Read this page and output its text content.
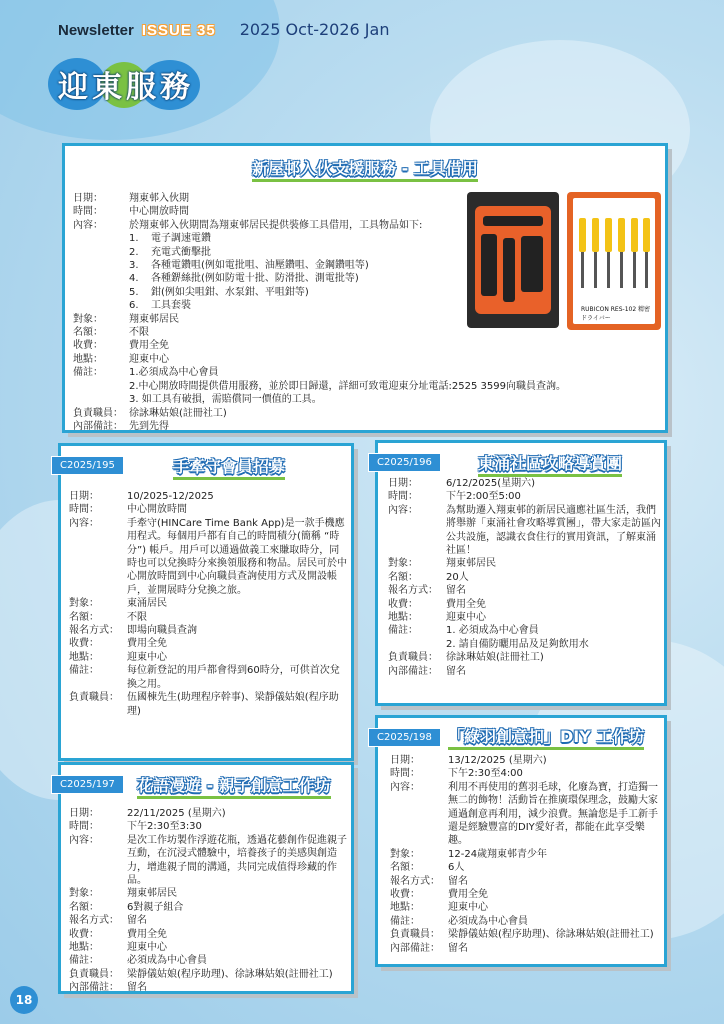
Newsletter ISSUE 35 2025 Oct-2026 Jan
迎東服務
新屋邨入伙支援服務 - 工具借用
日期：	翔東邨入伙期
時間：	中心開放時間
內容：	於翔東邨入伙期間為翔東邨居民提供裝修工具借用，工具物品如下:
1.	電子調速電鑽
2.	充電式衝擊批
3.	各種電鑽咀(例如電批咀、油壓鑽咀、金鋼鑽咀等)
4.	各種鎅絲批(例如防電十批、防滑批、測電批等)
5.	鉗(例如尖咀鉗、水泵鉗、平咀鉗等)
6.	工具套裝
對象：	翔東邨居民
名額：	不限
收費：	費用全免
地點：	迎東中心
備註：	1.必須成為中心會員
2.中心開放時間提供借用服務，並於即日歸還，詳細可致電迎東分址電話:2525 3599向職員查詢。
3. 如工具有破損，需賠償同一價值的工具。
負責職員： 徐詠琳姑娘(註冊社工)
內部備註： 先到先得
RUBICON RES-102 精密ドライバー
C2025/195	手牽守會員招募
日期：	10/2025-12/2025
時間：	中心開放時間
內容：	手牽守(HINCare Time Bank App)是一款手機應用程式。每個用戶都有自己的時間積分(簡稱 “時分”) 帳戶。用戶可以通過做義工來賺取時分，同時也可以兌換時分來換領服務和物品。居民可於中心開放時間到中心向職員查詢使用方式及開設帳戶，並開展時分兌換之旅。
對象：	東涌居民
名額：	不限
報名方式： 即場向職員查詢
收費：	費用全免
地點：	迎東中心
備註：	每位新登記的用戶都會得到60時分，可供首次兌換之用。
負責職員： 伍國棟先生(助理程序幹事)、梁靜儀姑娘(程序助理)
C2025/196	東涌社區攻略導賞團
日期：	6/12/2025(星期六)
時間：	下午2:00至5:00
內容：	為幫助遷入翔東邨的新居民適應社區生活，我們將舉辦「東涌社會攻略導賞團」，帶大家走訪區內公共設施，認識衣食住行的實用資訊，了解東涌社區！
對象：	翔東邨居民
名額：	20人
報名方式： 留名
收費：	費用全免
地點：	迎東中心
備註：	1. 必須成為中心會員
2. 請自備防曬用品及足夠飲用水
負責職員： 徐詠琳姑娘(註冊社工)
內部備註： 留名
C2025/198	「綠羽創意扣」DIY 工作坊
日期：	13/12/2025 (星期六)
時間：	下午2:30至4:00
內容：	利用不再使用的舊羽毛球，化廢為寶，打造獨一無二的飾物！活動旨在推廣環保理念，鼓勵大家通過創意再利用，減少浪費。無論您是手工新手還是經驗豐富的DIY愛好者，都能在此享受樂趣。
對象：	12-24歲翔東邨青少年
名額：	6人
報名方式： 留名
收費：	費用全免
地點：	迎東中心
備註：	必須成為中心會員
負責職員： 梁靜儀姑娘(程序助理)、徐詠琳姑娘(註冊社工)
內部備註： 留名
C2025/197	花語漫遊 - 親子創意工作坊
日期：	22/11/2025 (星期六)
時間：	下午2:30至3:30
內容：	是次工作坊製作浮遊花瓶，透過花藝創作促進親子互動，在沉浸式體驗中，培養孩子的美感與創造力，增進親子間的溝通，共同完成值得珍藏的作品。
對象：	翔東邨居民
名額：	6對親子組合
報名方式： 留名
收費：	費用全免
地點：	迎東中心
備註：	必須成為中心會員
負責職員： 梁靜儀姑娘(程序助理)、徐詠琳姑娘(註冊社工)
內部備註： 留名
18
